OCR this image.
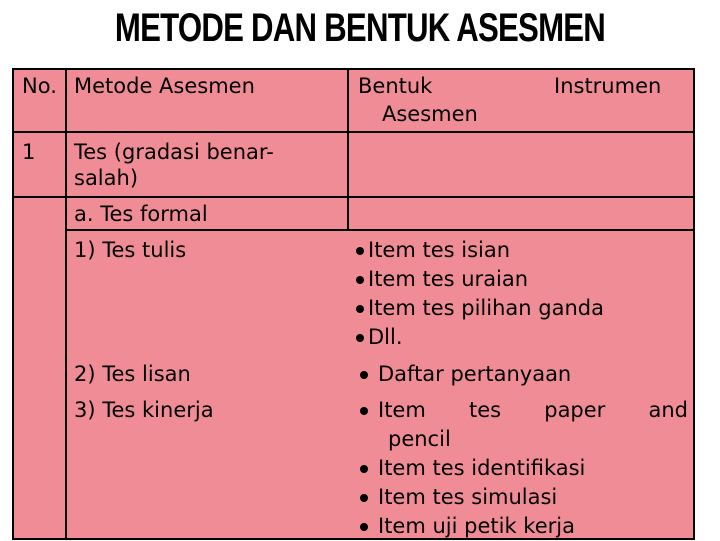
METODE DAN BENTUK ASESMEN
No. Metode Asesmen	Bentuk
Asesmen
Instrumen
1 Tes (gradasi benar-
salah)
a. Tes formal
1) Tes tulis
2) Tes lisan
3) Tes kinerja
Item tes isian
Item tes uraian
Item tes pilihan ganda
Dll.
Daftar pertanyaan
Item tes paper and
pencil
Item tes identifikasi
Item tes simulasi
Item uji petik kerja
